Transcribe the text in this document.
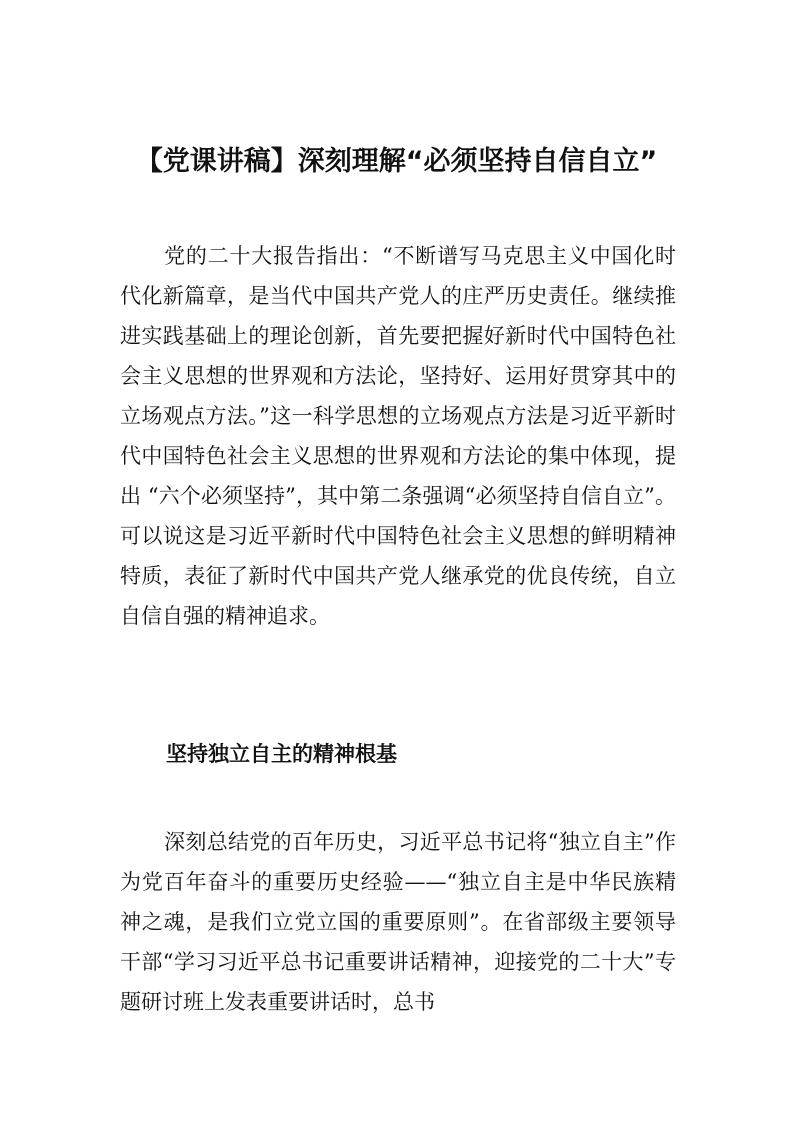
【党课讲稿】深刻理解“必须坚持自信自立”

党的二十大报告指出：“不断谱写马克思主义中国化时代化新篇章，是当代中国共产党人的庄严历史责任。继续推进实践基础上的理论创新，首先要把握好新时代中国特色社会主义思想的世界观和方法论，坚持好、运用好贯穿其中的立场观点方法。”这一科学思想的立场观点方法是习近平新时代中国特色社会主义思想的世界观和方法论的集中体现，提出 “六个必须坚持”，其中第二条强调“必须坚持自信自立”。可以说这是习近平新时代中国特色社会主义思想的鲜明精神特质，表征了新时代中国共产党人继承党的优良传统，自立自信自强的精神追求。

坚持独立自主的精神根基

深刻总结党的百年历史，习近平总书记将“独立自主”作为党百年奋斗的重要历史经验——“独立自主是中华民族精神之魂，是我们立党立国的重要原则”。在省部级主要领导干部“学习习近平总书记重要讲话精神，迎接党的二十大”专题研讨班上发表重要讲话时，总书
